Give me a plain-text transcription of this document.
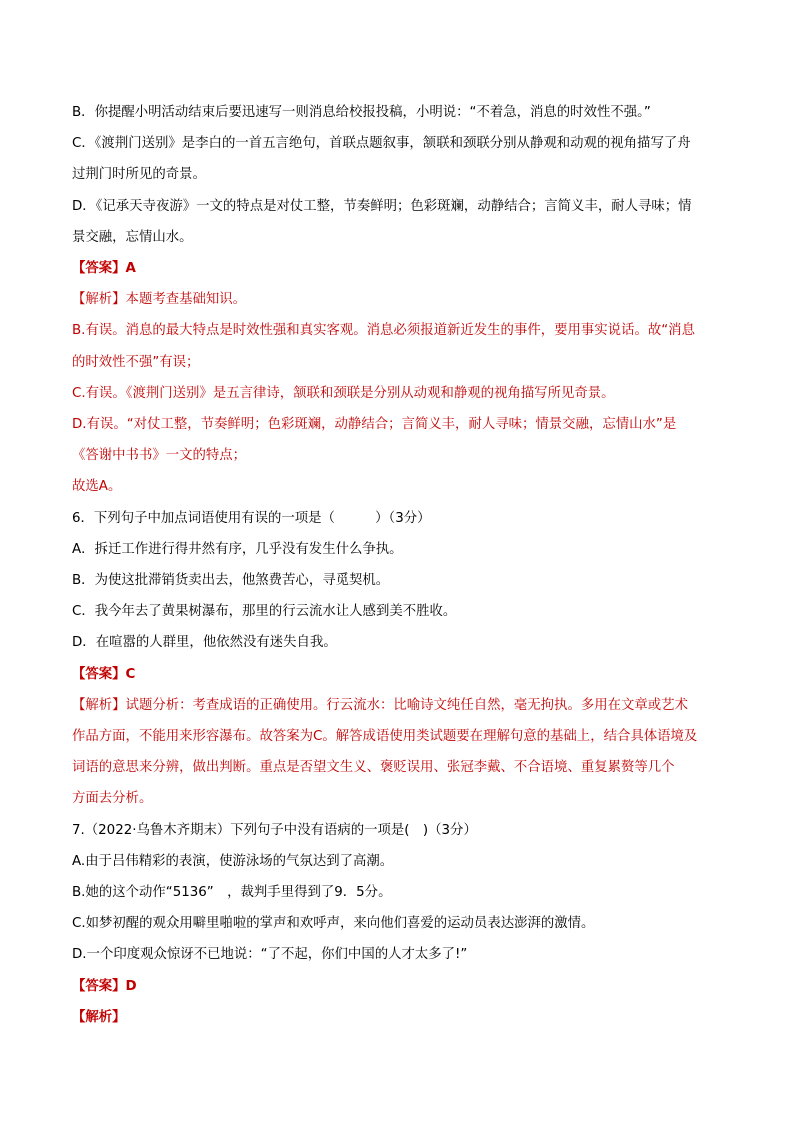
B．你提醒小明活动结束后要迅速写一则消息给校报投稿，小明说：“不着急，消息的时效性不强。”
C．《渡荆门送别》是李白的一首五言绝句，首联点题叙事，颔联和颈联分别从静观和动观的视角描写了舟
过荆门时所见的奇景。
D．《记承天寺夜游》一文的特点是对仗工整，节奏鲜明；色彩斑斓，动静结合；言简义丰，耐人寻味；情
景交融，忘情山水。
【答案】A
【解析】本题考查基础知识。
B.有误。消息的最大特点是时效性强和真实客观。消息必须报道新近发生的事件，要用事实说话。故“消息
的时效性不强”有误；
C.有误。《渡荆门送别》是五言律诗，颔联和颈联是分别从动观和静观的视角描写所见奇景。
D.有误。“对仗工整，节奏鲜明；色彩斑斓，动静结合；言简义丰，耐人寻味；情景交融，忘情山水”是
《答谢中书书》一文的特点；
故选A。
6．下列句子中加点词语使用有误的一项是（　　　）（3分）
A．拆迁工作进行得井然有序，几乎没有发生什么争执。
B．为使这批滞销货卖出去，他煞费苦心，寻觅契机。
C．我今年去了黄果树瀑布，那里的行云流水让人感到美不胜收。
D．在喧嚣的人群里，他依然没有迷失自我。
【答案】C
【解析】试题分析：考查成语的正确使用。行云流水：比喻诗文纯任自然，毫无拘执。多用在文章或艺术
作品方面，不能用来形容瀑布。故答案为C。解答成语使用类试题要在理解句意的基础上，结合具体语境及
词语的意思来分辨，做出判断。重点是否望文生义、褒贬误用、张冠李戴、不合语境、重复累赘等几个
方面去分析。
7.（2022·乌鲁木齐期末）下列句子中没有语病的一项是(　)（3分）
A.由于吕伟精彩的表演，使游泳场的气氛达到了高潮。
B.她的这个动作“5136”　，裁判手里得到了9．5分。
C.如梦初醒的观众用噼里啪啦的掌声和欢呼声，来向他们喜爱的运动员表达澎湃的激情。
D.一个印度观众惊讶不已地说：“了不起，你们中国的人才太多了!”
【答案】D
【解析】
